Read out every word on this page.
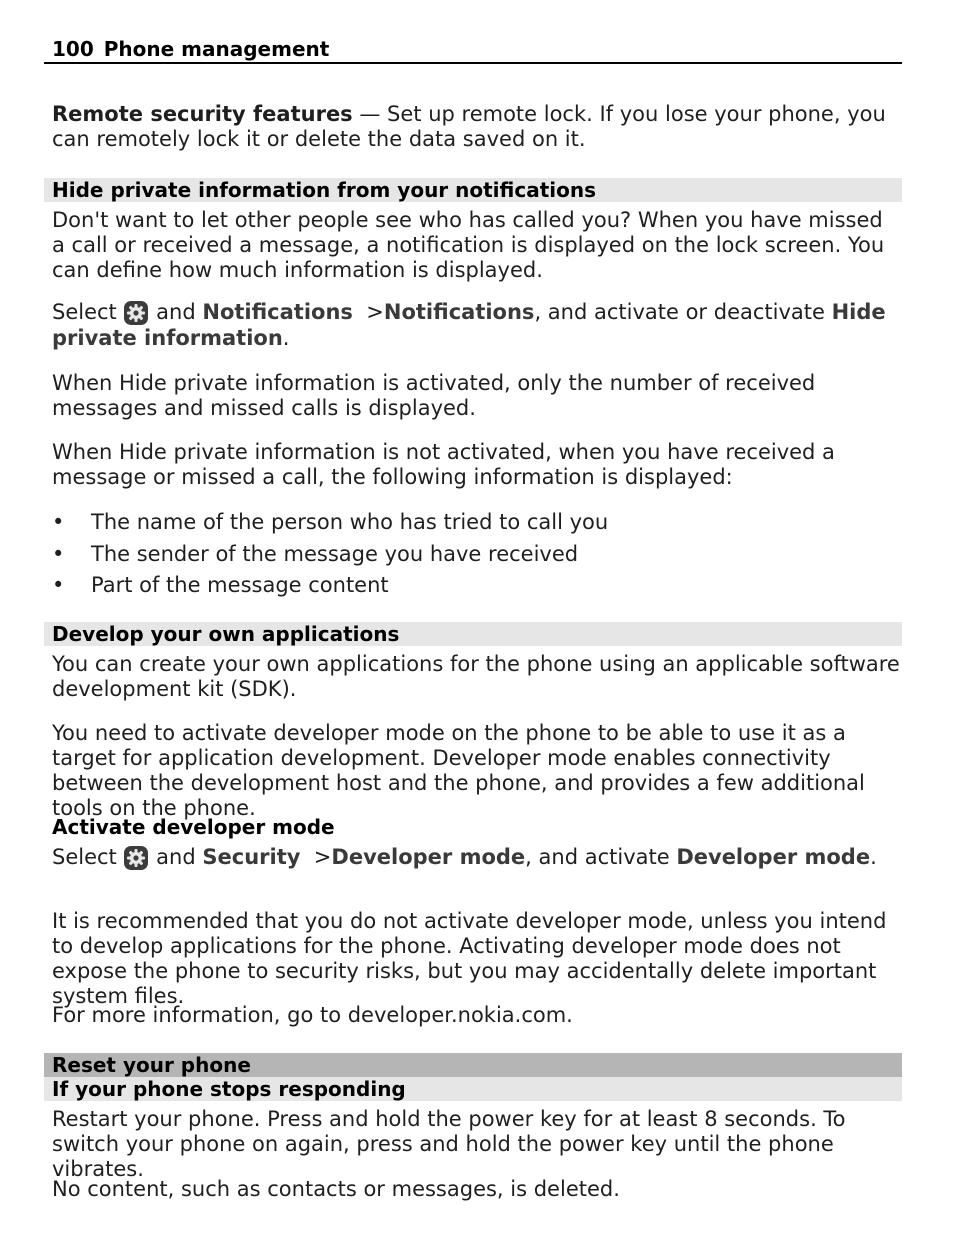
100 Phone management
Remote security features — Set up remote lock. If you lose your phone, you can remotely lock it or delete the data saved on it.
Hide private information from your notifications
Don't want to let other people see who has called you? When you have missed a call or received a message, a notification is displayed on the lock screen. You can define how much information is displayed.
Select and Notifications >Notifications, and activate or deactivate Hide private information.
When Hide private information is activated, only the number of received messages and missed calls is displayed.
When Hide private information is not activated, when you have received a message or missed a call, the following information is displayed:
• The name of the person who has tried to call you
• The sender of the message you have received
• Part of the message content
Develop your own applications
You can create your own applications for the phone using an applicable software development kit (SDK).
You need to activate developer mode on the phone to be able to use it as a target for application development. Developer mode enables connectivity between the development host and the phone, and provides a few additional tools on the phone.
Activate developer mode
Select and Security >Developer mode, and activate Developer mode.
It is recommended that you do not activate developer mode, unless you intend to develop applications for the phone. Activating developer mode does not expose the phone to security risks, but you may accidentally delete important system files.
For more information, go to developer.nokia.com.
Reset your phone
If your phone stops responding
Restart your phone. Press and hold the power key for at least 8 seconds. To switch your phone on again, press and hold the power key until the phone vibrates.
No content, such as contacts or messages, is deleted.
